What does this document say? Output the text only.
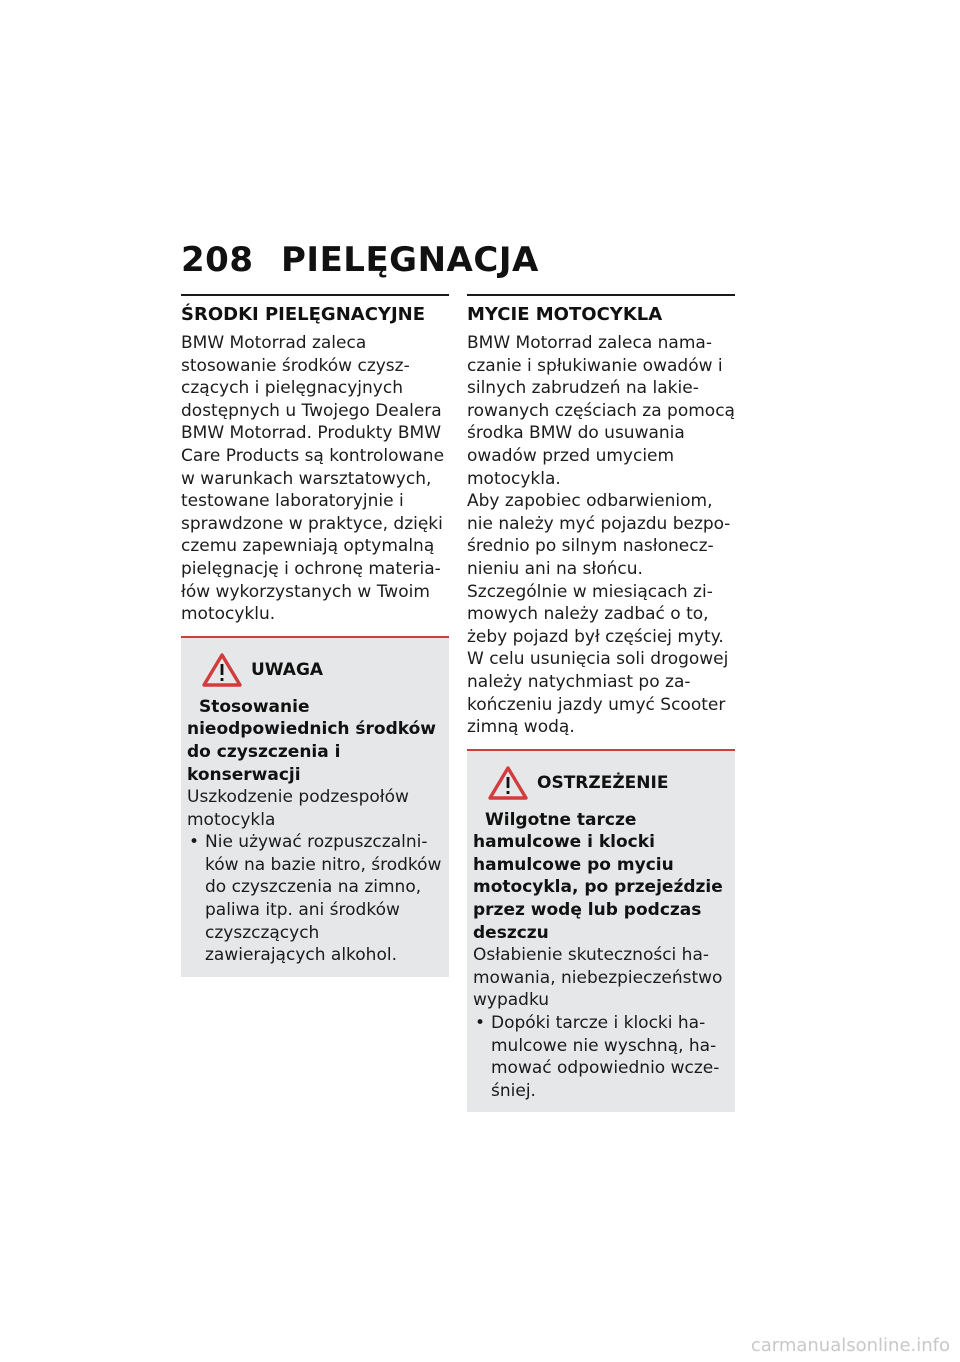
208 PIELĘGNACJA
ŚRODKI PIELĘGNACYJNE

BMW Motorrad zaleca stosowanie środków czyszczących i pielęgnacyjnych dostępnych u Twojego Dealera BMW Motorrad. Produkty BMW Care Products są kontrolowane w warunkach warsztatowych, testowane laboratoryjnie i sprawdzone w praktyce, dzięki czemu zapewniają optymalną pielęgnację i ochronę materiałów wykorzystanych w Twoim motocyklu.

UWAGA
Stosowanie nieodpowiednich środków do czyszczenia i konserwacji
Uszkodzenie podzespołów motocykla
• Nie używać rozpuszczalników na bazie nitro, środków do czyszczenia na zimno, paliwa itp. ani środków czyszczących zawierających alkohol.
MYCIE MOTOCYKLA

BMW Motorrad zaleca namaczanie i spłukiwanie owadów i silnych zabrudzeń na lakierowanych częściach za pomocą środka BMW do usuwania owadów przed umyciem motocykla.

Aby zapobiec odbarwieniom, nie należy myć pojazdu bezpośrednio po silnym nasłonecznieniu ani na słońcu.

Szczególnie w miesiącach zimowych należy zadbać o to, żeby pojazd był częściej myty. W celu usunięcia soli drogowej należy natychmiast po zakończeniu jazdy umyć Scooter zimną wodą.

OSTRZEŻENIE
Wilgotne tarcze hamulcowe i klocki hamulcowe po myciu motocykla, po przejeździe przez wodę lub podczas deszczu
Osłabienie skuteczności hamowania, niebezpieczeństwo wypadku
• Dopóki tarcze i klocki hamulcowe nie wyschną, hamować odpowiednio wcześniej.
carmanualsonline.info
